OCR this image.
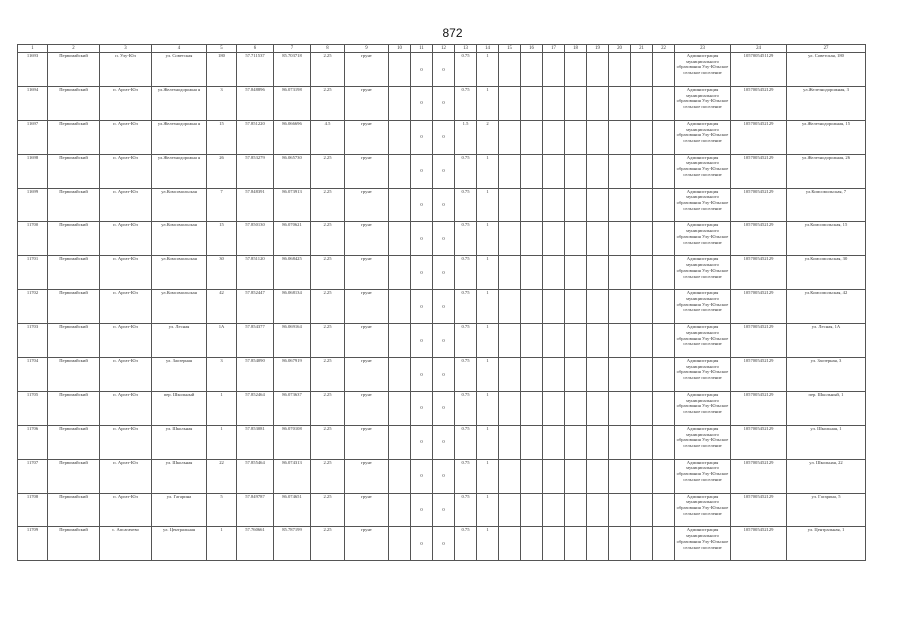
872
1	2	3	4	5	6	7	8	9	10	11	12	13	14	15	16	17	18	19	20	21	22	23	24	27
11693	Первомайский	п. Улу-Юл	ул. Советская	180	57.711537	85.703718	2.25	грунт		0	0	0.75	1									Администрация муниципального образования Улу-Юльское сельское поселение	1057005451129	ул. Советская, 180
11694	Первомайский	п. Аргат-Юл	ул.Железнодорожна я	3	57.848896	86.073198	2.25	грунт		0	0	0.75	1									Администрация муниципального образования Улу-Юльское сельское поселение	1057005452129	ул.Железнодорожная, 3
11697	Первомайский	п. Аргат-Юл	ул.Железнодорожна я	15	57.851220	86.066696	4.5	грунт		0	0	1.5	2									Администрация муниципального образования Улу-Юльское сельское поселение	1057005452129	ул.Железнодорожная, 15
11698	Первомайский	п. Аргат-Юл	ул.Железнодорожна я	26	57.853279	86.065730	2.25	грунт		0	0	0.75	1									Администрация муниципального образования Улу-Юльское сельское поселение	1057005452129	ул.Железнодорожная, 26
11699	Первомайский	п. Аргат-Юл	ул.Комсомольская	7	57.848391	86.073913	2.25	грунт		0	0	0.75	1									Администрация муниципального образования Улу-Юльское сельское поселение	1057005452129	ул.Комсомольская, 7
11700	Первомайский	п. Аргат-Юл	ул.Комсомольская	15	57.850130	86.070621	2.25	грунт		0	0	0.75	1									Администрация муниципального образования Улу-Юльское сельское поселение	1057005452129	ул.Комсомольская, 15
11701	Первомайский	п. Аргат-Юл	ул.Комсомольская	30	57.851120	86.068425	2.25	грунт		0	0	0.75	1									Администрация муниципального образования Улу-Юльское сельское поселение	1057005452129	ул.Комсомольская, 30
11702	Первомайский	п. Аргат-Юл	ул.Комсомольская	42	57.852447	86.068134	2.25	грунт		0	0	0.75	1									Администрация муниципального образования Улу-Юльское сельское поселение	1057005452129	ул.Комсомольская, 42
11703	Первомайский	п. Аргат-Юл	ул. Лесная	1А	57.854377	86.069164	2.25	грунт		0	0	0.75	1									Администрация муниципального образования Улу-Юльское сельское поселение	1057005452129	ул. Лесная, 1А
11704	Первомайский	п. Аргат-Юл	ул. Заозерная	3	57.854090	86.067919	2.25	грунт		0	0	0.75	1									Администрация муниципального образования Улу-Юльское сельское поселение	1057005452129	ул. Заозерная, 3
11705	Первомайский	п. Аргат-Юл	пер. Школьный	1	57.852464	86.073637	2.25	грунт		0	0	0.75	1									Администрация муниципального образования Улу-Юльское сельское поселение	1057005452129	пер. Школьный, 1
11706	Первомайский	п. Аргат-Юл	ул. Школьная	1	57.853081	86.070108	2.25	грунт		0	0	0.75	1									Администрация муниципального образования Улу-Юльское сельское поселение	1057005452129	ул. Школьная, 1
11707	Первомайский	п. Аргат-Юл	ул. Школьная	22	57.855464	86.074313	2.25	грунт		0	0	0.75	1									Администрация муниципального образования Улу-Юльское сельское поселение	1057005452129	ул. Школьная, 22
11708	Первомайский	п. Аргат-Юл	ул. Гагарина	5	57.849787	86.074651	2.25	грунт		0	0	0.75	1									Администрация муниципального образования Улу-Юльское сельское поселение	1057005452129	ул. Гагарина, 5
11709	Первомайский	с. Апсагачево	ул. Центральная	1	57.760661	85.787199	2.25	грунт		0	0	0.75	1									Администрация муниципального образования Улу-Юльское сельское поселение	1057005452129	ул. Центральная, 1
